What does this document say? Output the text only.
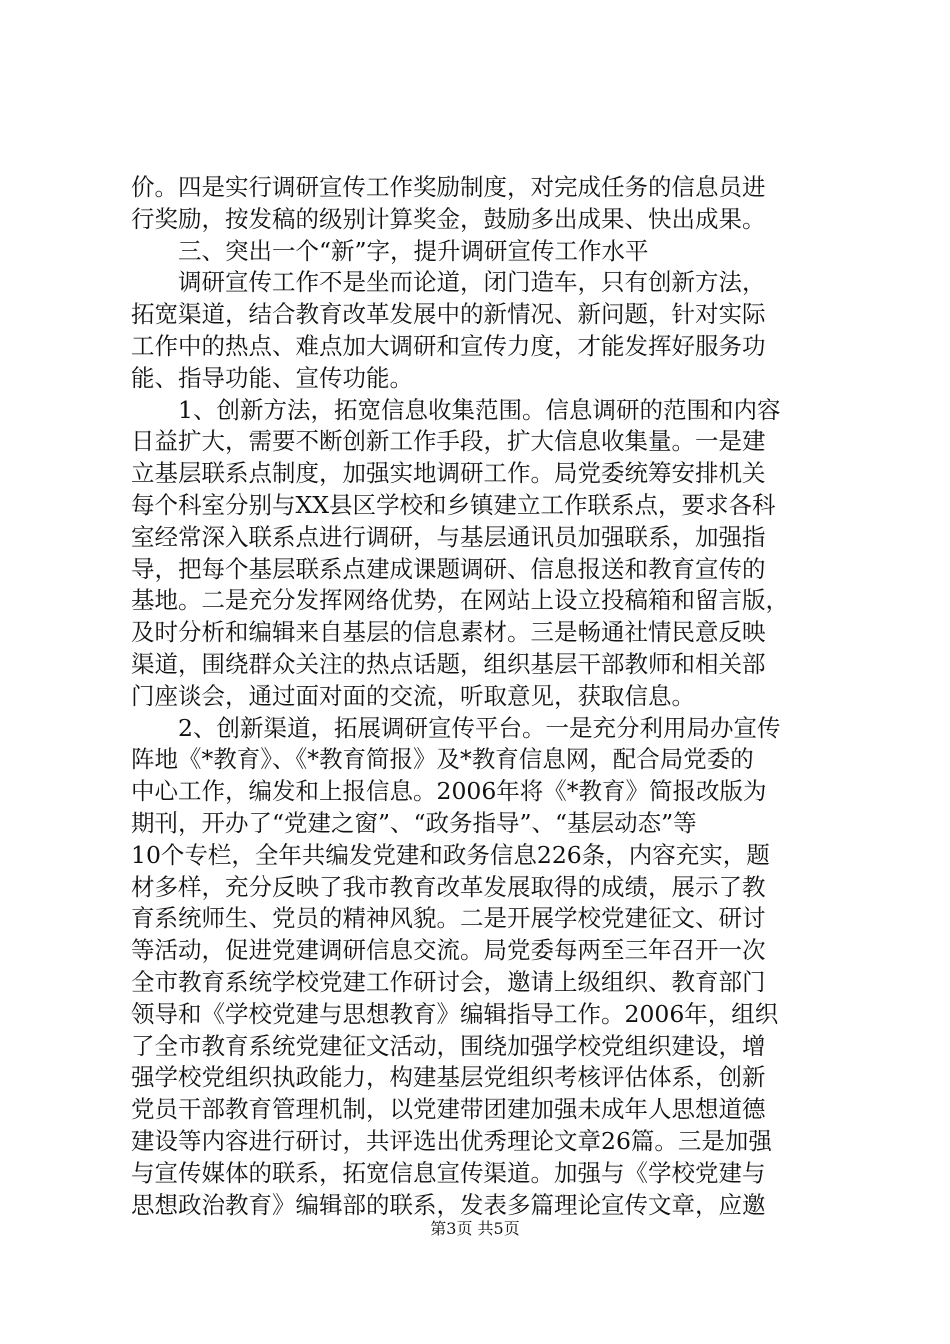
价。四是实行调研宣传工作奖励制度，对完成任务的信息员进
行奖励，按发稿的级别计算奖金，鼓励多出成果、快出成果。
三、突出一个“新”字，提升调研宣传工作水平
调研宣传工作不是坐而论道，闭门造车，只有创新方法，
拓宽渠道，结合教育改革发展中的新情况、新问题，针对实际
工作中的热点、难点加大调研和宣传力度，才能发挥好服务功
能、指导功能、宣传功能。
1、创新方法，拓宽信息收集范围。信息调研的范围和内容
日益扩大，需要不断创新工作手段，扩大信息收集量。一是建
立基层联系点制度，加强实地调研工作。局党委统筹安排机关
每个科室分别与XX县区学校和乡镇建立工作联系点，要求各科
室经常深入联系点进行调研，与基层通讯员加强联系，加强指
导，把每个基层联系点建成课题调研、信息报送和教育宣传的
基地。二是充分发挥网络优势，在网站上设立投稿箱和留言版，
及时分析和编辑来自基层的信息素材。三是畅通社情民意反映
渠道，围绕群众关注的热点话题，组织基层干部教师和相关部
门座谈会，通过面对面的交流，听取意见，获取信息。
2、创新渠道，拓展调研宣传平台。一是充分利用局办宣传
阵地《*教育》、《*教育简报》及*教育信息网，配合局党委的
中心工作，编发和上报信息。2006年将《*教育》简报改版为
期刊，开办了“党建之窗”、“政务指导”、“基层动态”等
10个专栏，全年共编发党建和政务信息226条，内容充实，题
材多样，充分反映了我市教育改革发展取得的成绩，展示了教
育系统师生、党员的精神风貌。二是开展学校党建征文、研讨
等活动，促进党建调研信息交流。局党委每两至三年召开一次
全市教育系统学校党建工作研讨会，邀请上级组织、教育部门
领导和《学校党建与思想教育》编辑指导工作。2006年，组织
了全市教育系统党建征文活动，围绕加强学校党组织建设，增
强学校党组织执政能力，构建基层党组织考核评估体系，创新
党员干部教育管理机制，以党建带团建加强未成年人思想道德
建设等内容进行研讨，共评选出优秀理论文章26篇。三是加强
与宣传媒体的联系，拓宽信息宣传渠道。加强与《学校党建与
思想政治教育》编辑部的联系，发表多篇理论宣传文章，应邀
第3页 共5页
